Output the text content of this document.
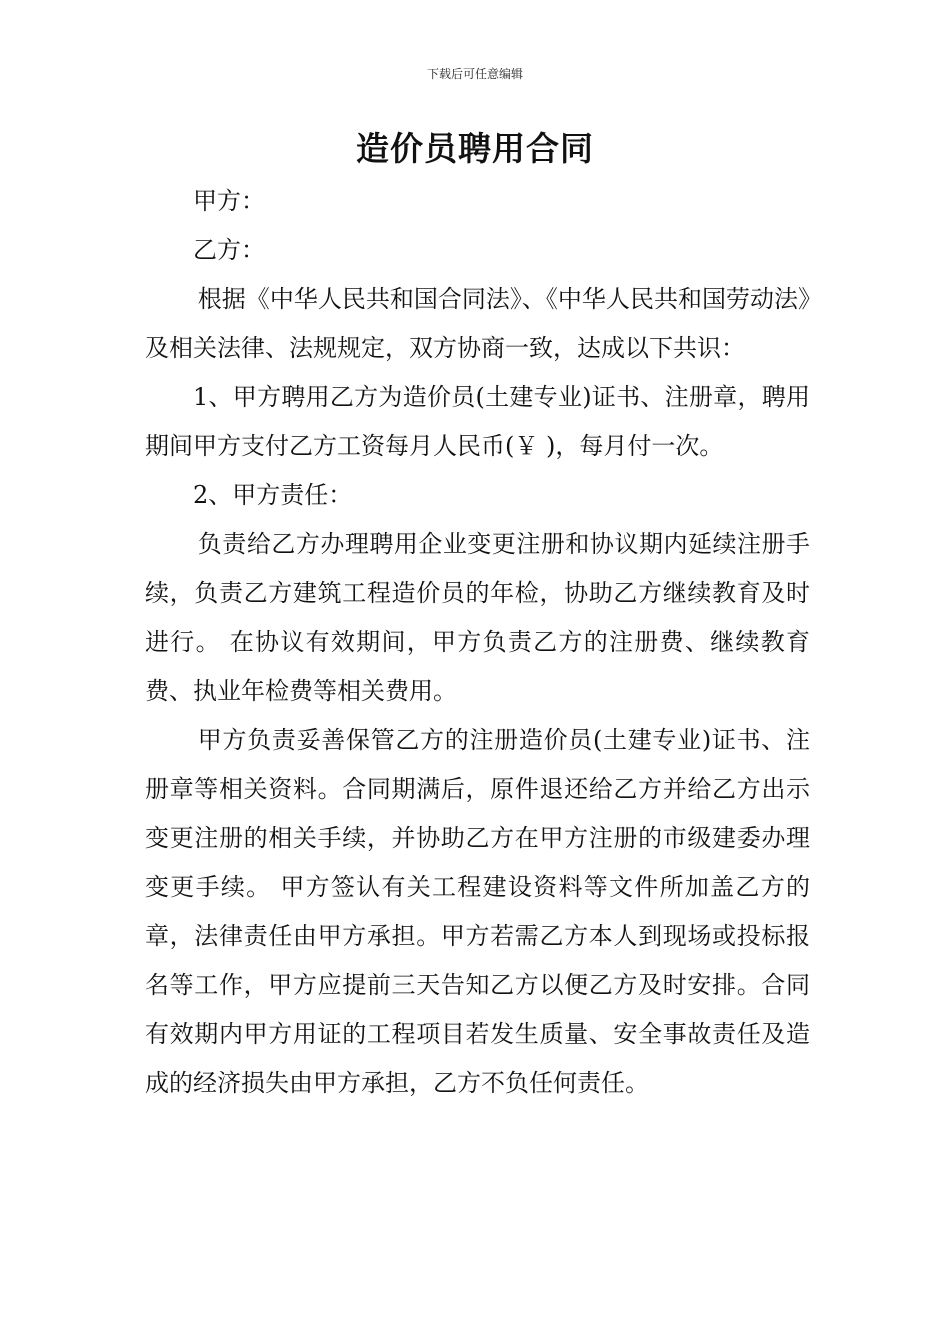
下载后可任意编辑
造价员聘用合同

甲方：

乙方：

根据《中华人民共和国合同法》、《中华人民共和国劳动法》及相关法律、法规规定，双方协商一致，达成以下共识：

1、甲方聘用乙方为造价员(土建专业)证书、注册章，聘用期间甲方支付乙方工资每月人民币(￥ )，每月付一次。

2、甲方责任：

负责给乙方办理聘用企业变更注册和协议期内延续注册手续，负责乙方建筑工程造价员的年检，协助乙方继续教育及时进行。 在协议有效期间，甲方负责乙方的注册费、继续教育费、执业年检费等相关费用。

甲方负责妥善保管乙方的注册造价员(土建专业)证书、注册章等相关资料。合同期满后，原件退还给乙方并给乙方出示变更注册的相关手续，并协助乙方在甲方注册的市级建委办理变更手续。 甲方签认有关工程建设资料等文件所加盖乙方的章，法律责任由甲方承担。甲方若需乙方本人到现场或投标报名等工作，甲方应提前三天告知乙方以便乙方及时安排。合同有效期内甲方用证的工程项目若发生质量、安全事故责任及造成的经济损失由甲方承担，乙方不负任何责任。
